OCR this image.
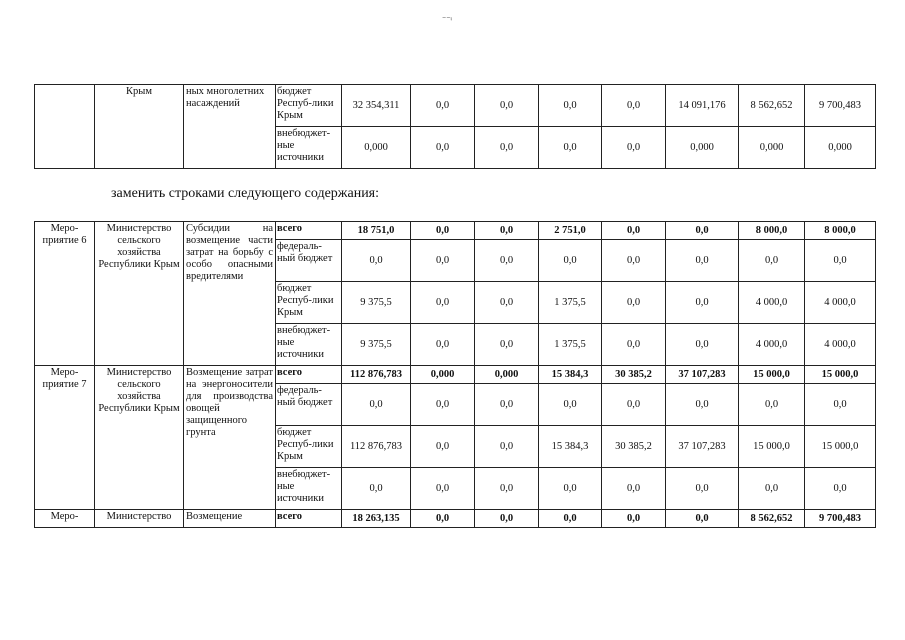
⁻⁻ᵎ
	Крым	ных многолетних насаждений	бюджет Респуб-лики Крым	32 354,311	0,0	0,0	0,0	0,0	14 091,176	8 562,652	9 700,483
			внебюджет-ные источники	0,000	0,0	0,0	0,0	0,0	0,000	0,000	0,000
заменить строками следующего содержания:
Меро-приятие 6	Министерство сельского хозяйства Республики Крым	Субсидии на возмещение части затрат на борьбу с особо опасными вредителями	всего	18 751,0	0,0	0,0	2 751,0	0,0	0,0	8 000,0	8 000,0
			федераль-ный бюджет	0,0	0,0	0,0	0,0	0,0	0,0	0,0	0,0
			бюджет Респуб-лики Крым	9 375,5	0,0	0,0	1 375,5	0,0	0,0	4 000,0	4 000,0
			внебюджет-ные источники	9 375,5	0,0	0,0	1 375,5	0,0	0,0	4 000,0	4 000,0
Меро-приятие 7	Министерство сельского хозяйства Республики Крым	Возмещение затрат на энергоносители для производства овощей защищенного грунта	всего	112 876,783	0,000	0,000	15 384,3	30 385,2	37 107,283	15 000,0	15 000,0
			федераль-ный бюджет	0,0	0,0	0,0	0,0	0,0	0,0	0,0	0,0
			бюджет Респуб-лики Крым	112 876,783	0,0	0,0	15 384,3	30 385,2	37 107,283	15 000,0	15 000,0
			внебюджет-ные источники	0,0	0,0	0,0	0,0	0,0	0,0	0,0	0,0
Меро-	Министерство	Возмещение	всего	18 263,135	0,0	0,0	0,0	0,0	0,0	8 562,652	9 700,483
